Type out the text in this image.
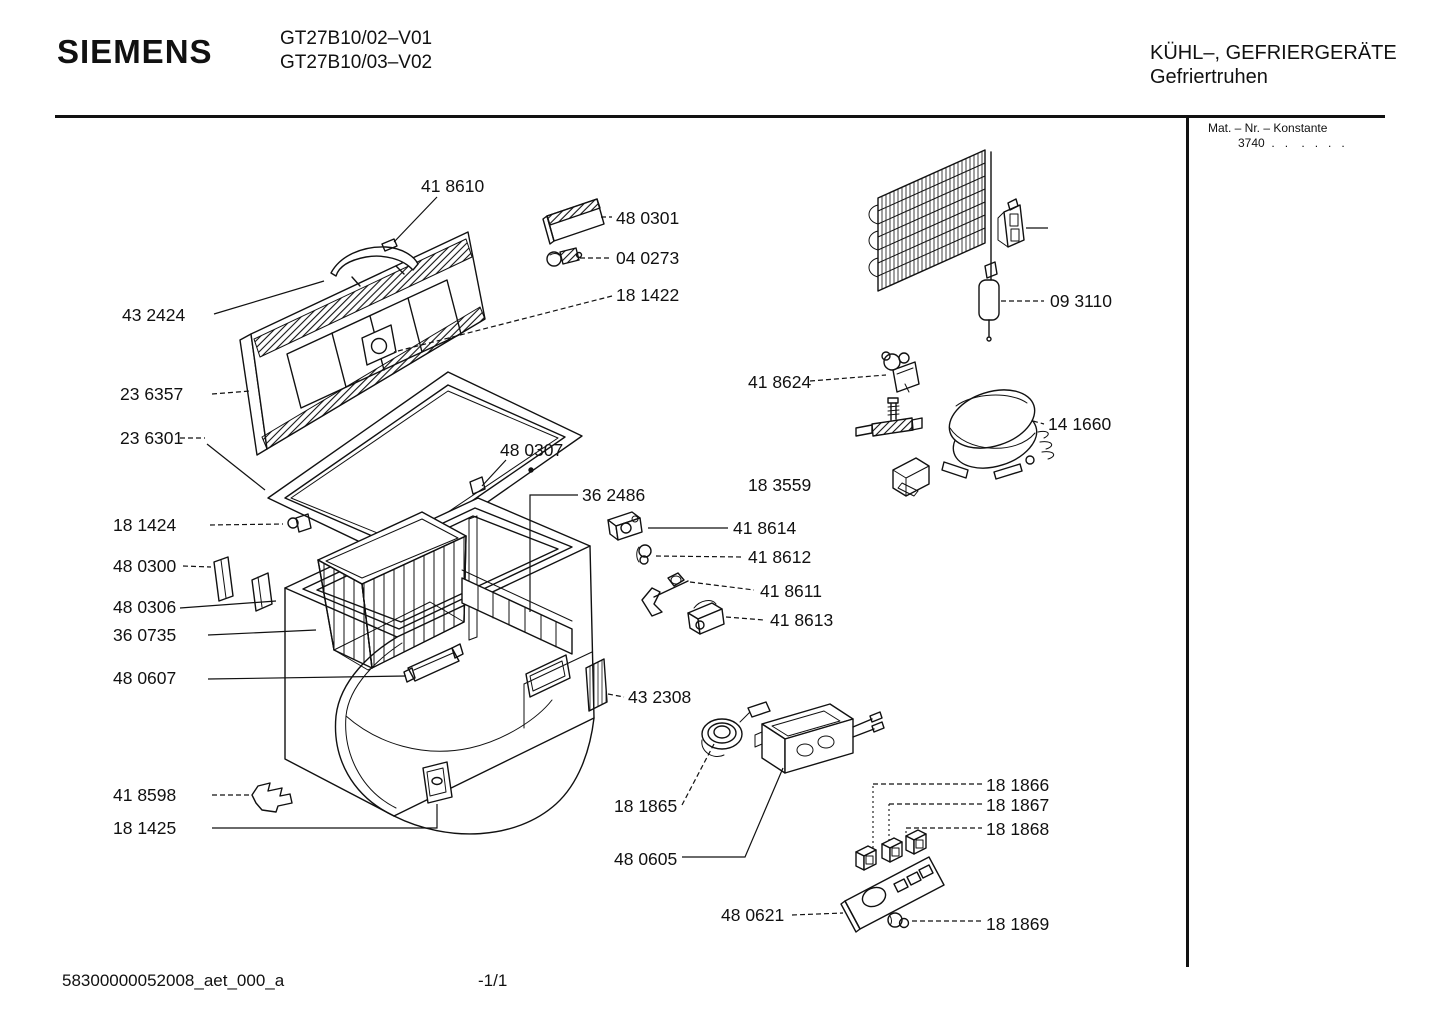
SIEMENS	GT27B10/02–V01
GT27B10/03–V02	KÜHL–, GEFRIERGERÄTE
Gefriertruhen
Mat. – Nr. – Konstante
3740  .   .    .   .   .   .
58300000052008_aet_000_a	-1/1
41 8610
48 0301
04 0273
18 1422
43 2424
23 6357
23 6301
48 0307
36 2486
18 1424
48 0300
48 0306
36 0735
48 0607
41 8598
18 1425
18 1865
48 0605
48 0621
09 3110
41 8624
14 1660
18 3559
41 8614
41 8612
41 8611
41 8613
43 2308
18 1866
18 1867
18 1868
18 1869
